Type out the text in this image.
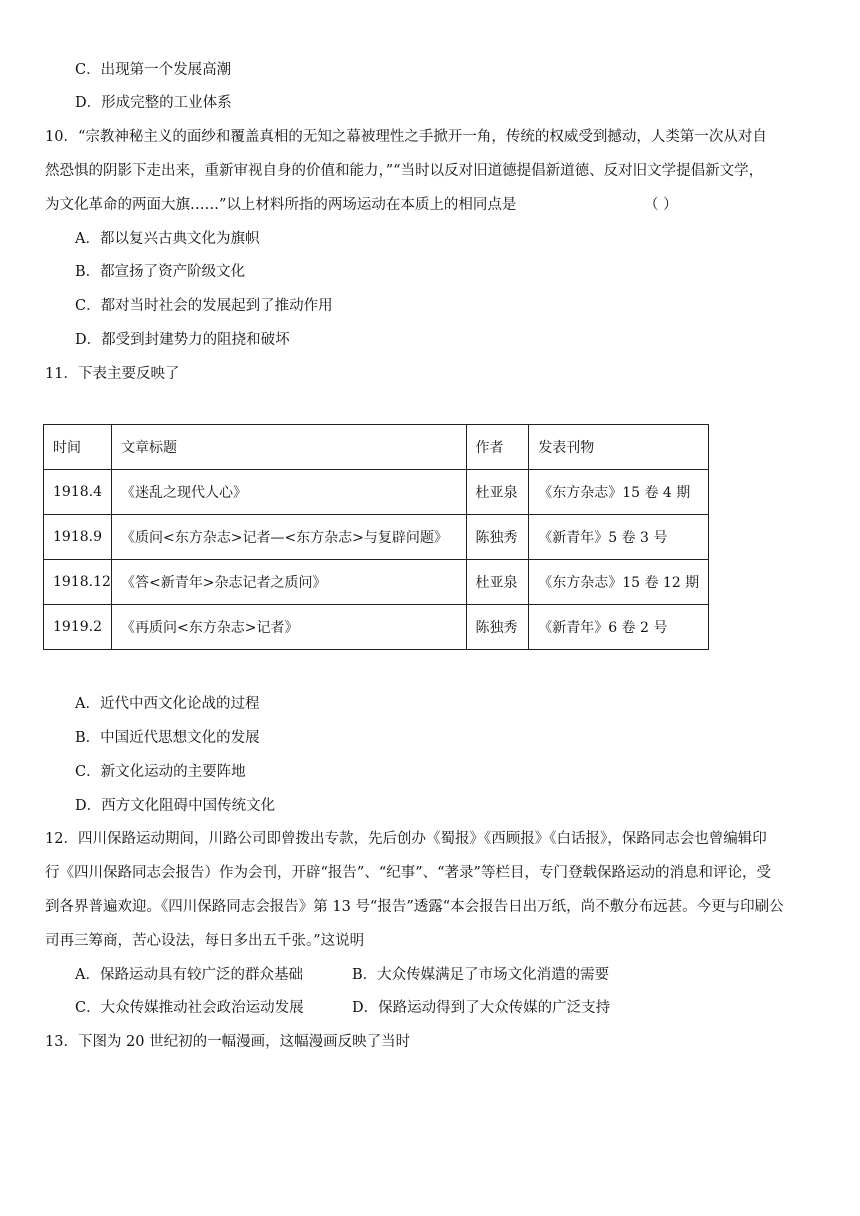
C．出现第一个发展高潮
D．形成完整的工业体系
10．“宗教神秘主义的面纱和覆盖真相的无知之幕被理性之手掀开一角，传统的权威受到撼动，人类第一次从对自
然恐惧的阴影下走出来，重新审视自身的价值和能力，”“当时以反对旧道德提倡新道德、反对旧文学提倡新文学，
为文化革命的两面大旗……”以上材料所指的两场运动在本质上的相同点是	（ ）
A．都以复兴古典文化为旗帜
B．都宣扬了资产阶级文化
C．都对当时社会的发展起到了推动作用
D．都受到封建势力的阻挠和破坏
11．下表主要反映了
时间	文章标题	作者	发表刊物
1918.4	《迷乱之现代人心》	杜亚泉	《东方杂志》15 卷 4 期
1918.9	《质问<东方杂志>记者—<东方杂志>与复辟问题》	陈独秀	《新青年》5 卷 3 号
1918.12	《答<新青年>杂志记者之质问》	杜亚泉	《东方杂志》15 卷 12 期
1919.2	《再质问<东方杂志>记者》	陈独秀	《新青年》6 卷 2 号
A．近代中西文化论战的过程
B．中国近代思想文化的发展
C．新文化运动的主要阵地
D．西方文化阻碍中国传统文化
12．四川保路运动期间，川路公司即曾拨出专款，先后创办《蜀报》《西顾报》《白话报》，保路同志会也曾编辑印
行《四川保路同志会报告）作为会刊，开辟“报告”、“纪事”、“著录”等栏目，专门登载保路运动的消息和评论，受
到各界普遍欢迎。《四川保路同志会报告》第 13 号“报告”透露“本会报告日出万纸，尚不敷分布远甚。今更与印刷公
司再三筹商，苦心设法，每日多出五千张。”这说明
A．保路运动具有较广泛的群众基础	B．大众传媒满足了市场文化消遣的需要
C．大众传媒推动社会政治运动发展	D．保路运动得到了大众传媒的广泛支持
13．下图为 20 世纪初的一幅漫画，这幅漫画反映了当时
